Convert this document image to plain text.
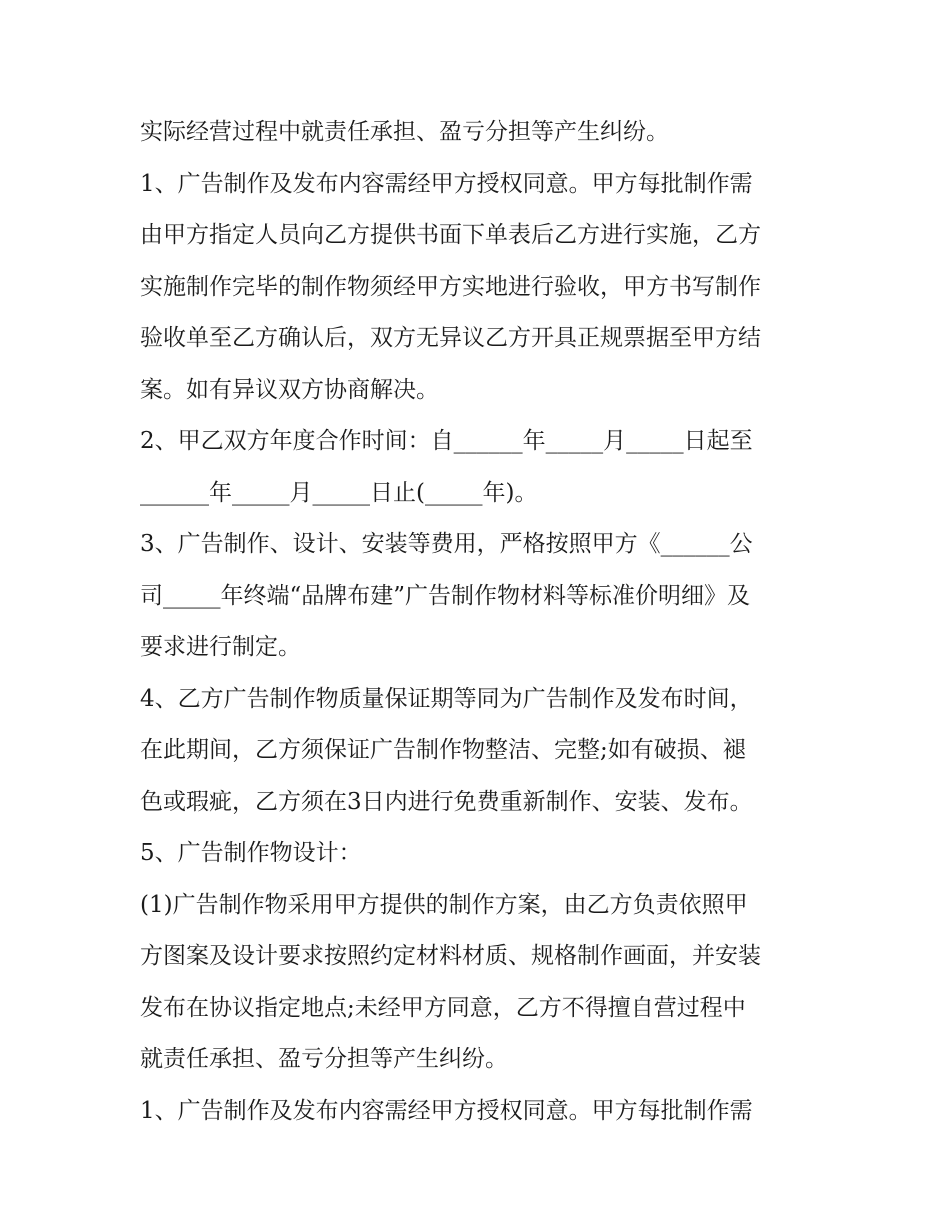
实际经营过程中就责任承担、盈亏分担等产生纠纷。

1、广告制作及发布内容需经甲方授权同意。甲方每批制作需

由甲方指定人员向乙方提供书面下单表后乙方进行实施，乙方

实施制作完毕的制作物须经甲方实地进行验收，甲方书写制作

验收单至乙方确认后，双方无异议乙方开具正规票据至甲方结

案。如有异议双方协商解决。

2、甲乙双方年度合作时间：自______年_____月_____日起至

______年_____月_____日止(_____年)。

3、广告制作、设计、安装等费用，严格按照甲方《______公

司_____年终端“品牌布建”广告制作物材料等标准价明细》及

要求进行制定。

4、乙方广告制作物质量保证期等同为广告制作及发布时间，

在此期间，乙方须保证广告制作物整洁、完整;如有破损、褪

色或瑕疵，乙方须在3日内进行免费重新制作、安装、发布。

5、广告制作物设计：

(1)广告制作物采用甲方提供的制作方案，由乙方负责依照甲

方图案及设计要求按照约定材料材质、规格制作画面，并安装

发布在协议指定地点;未经甲方同意，乙方不得擅自营过程中

就责任承担、盈亏分担等产生纠纷。

1、广告制作及发布内容需经甲方授权同意。甲方每批制作需
